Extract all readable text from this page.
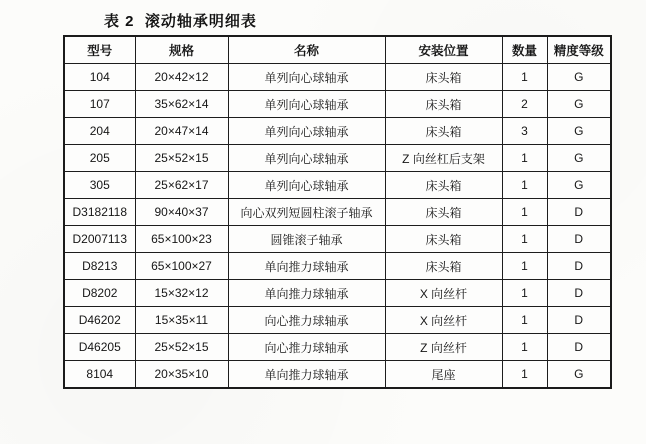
表 2  滚动轴承明细表
型号	规格	名称	安装位置	数量	精度等级
104	20×42×12	单列向心球轴承	床头箱	1	G
107	35×62×14	单列向心球轴承	床头箱	2	G
204	20×47×14	单列向心球轴承	床头箱	3	G
205	25×52×15	单列向心球轴承	Z 向丝杠后支架	1	G
305	25×62×17	单列向心球轴承	床头箱	1	G
D3182118	90×40×37	向心双列短圆柱滚子轴承	床头箱	1	D
D2007113	65×100×23	圆锥滚子轴承	床头箱	1	D
D8213	65×100×27	单向推力球轴承	床头箱	1	D
D8202	15×32×12	单向推力球轴承	X 向丝杆	1	D
D46202	15×35×11	向心推力球轴承	X 向丝杆	1	D
D46205	25×52×15	向心推力球轴承	Z 向丝杆	1	D
8104	20×35×10	单向推力球轴承	尾座	1	G
